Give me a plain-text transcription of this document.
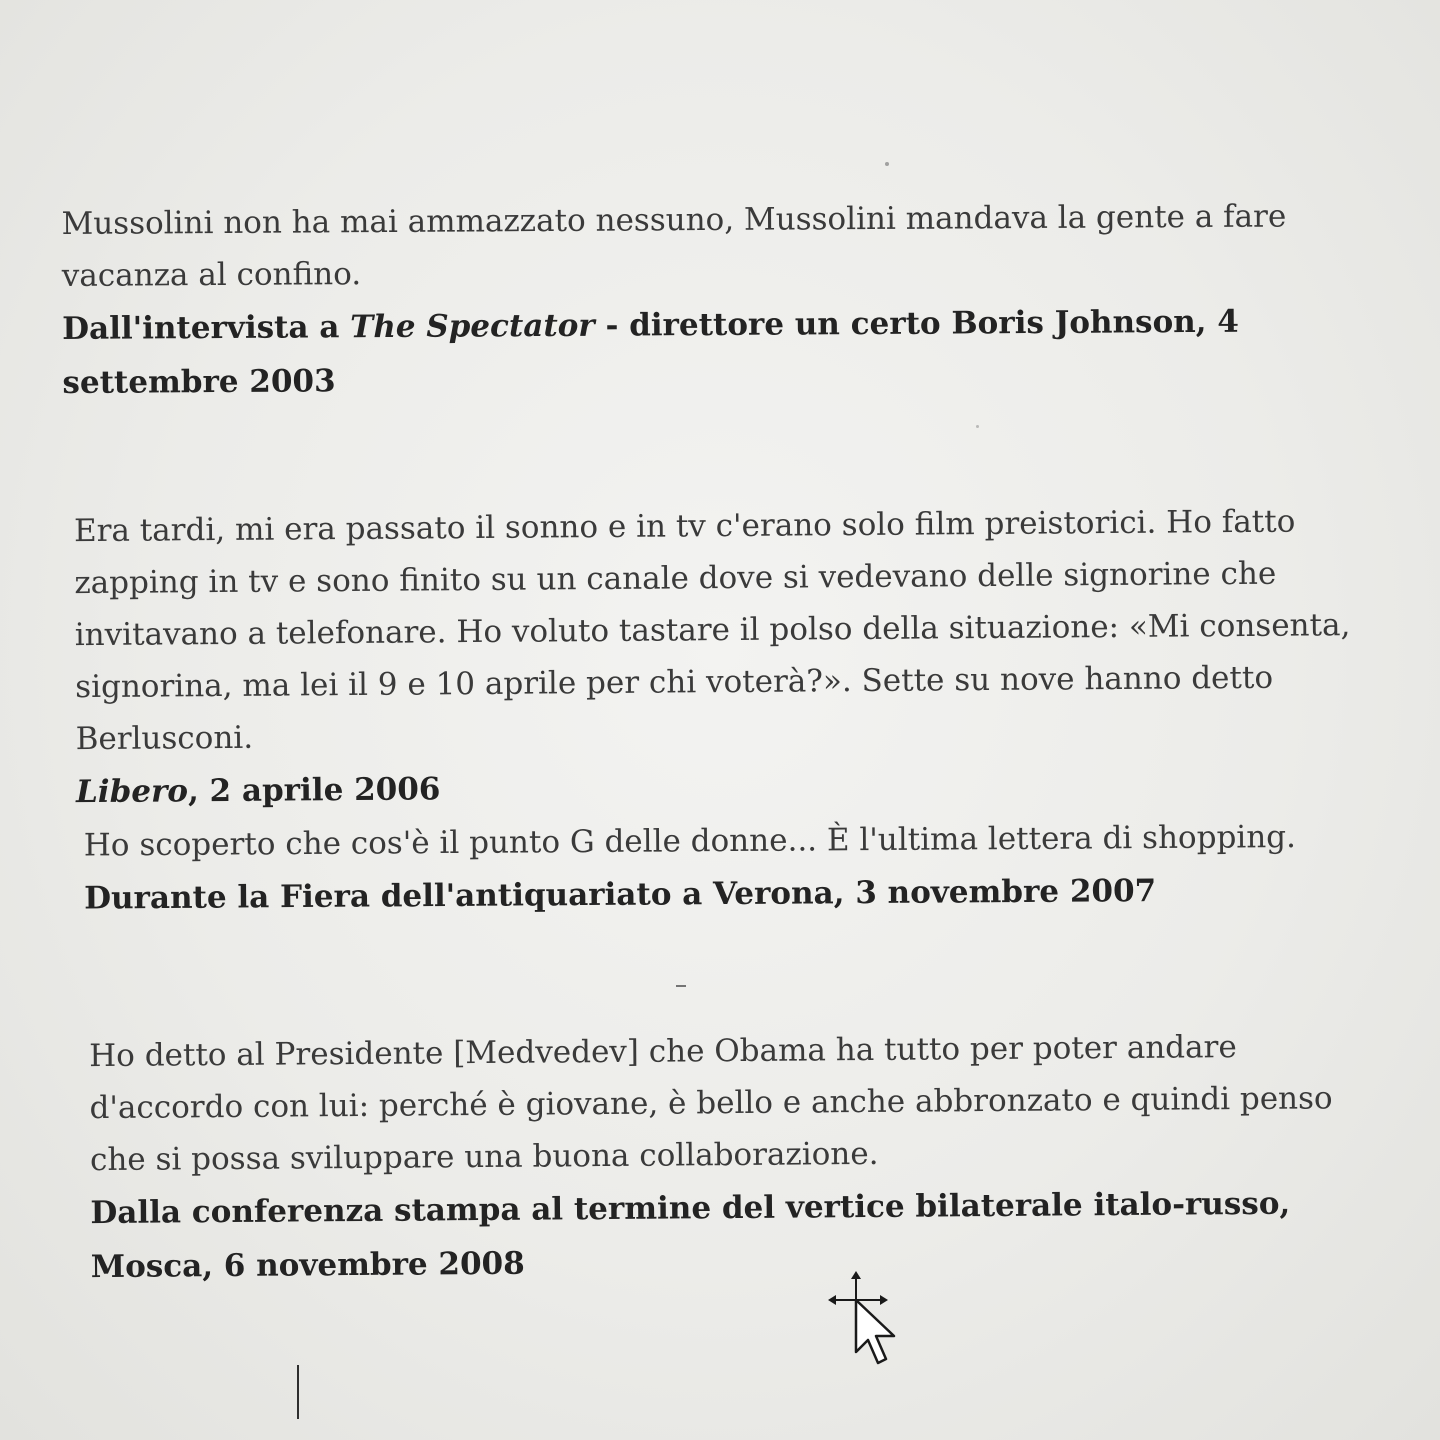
Mussolini non ha mai ammazzato nessuno, Mussolini mandava la gente a fare vacanza al confino.

Dall'intervista a The Spectator - direttore un certo Boris Johnson, 4 settembre 2003

Era tardi, mi era passato il sonno e in tv c'erano solo film preistorici. Ho fatto zapping in tv e sono finito su un canale dove si vedevano delle signorine che invitavano a telefonare. Ho voluto tastare il polso della situazione: «Mi consenta, signorina, ma lei il 9 e 10 aprile per chi voterà?». Sette su nove hanno detto Berlusconi.

Libero, 2 aprile 2006

Ho scoperto che cos'è il punto G delle donne... È l'ultima lettera di shopping.

Durante la Fiera dell'antiquariato a Verona, 3 novembre 2007

Ho detto al Presidente [Medvedev] che Obama ha tutto per poter andare d'accordo con lui: perché è giovane, è bello e anche abbronzato e quindi penso che si possa sviluppare una buona collaborazione.

Dalla conferenza stampa al termine del vertice bilaterale italo-russo, Mosca, 6 novembre 2008
